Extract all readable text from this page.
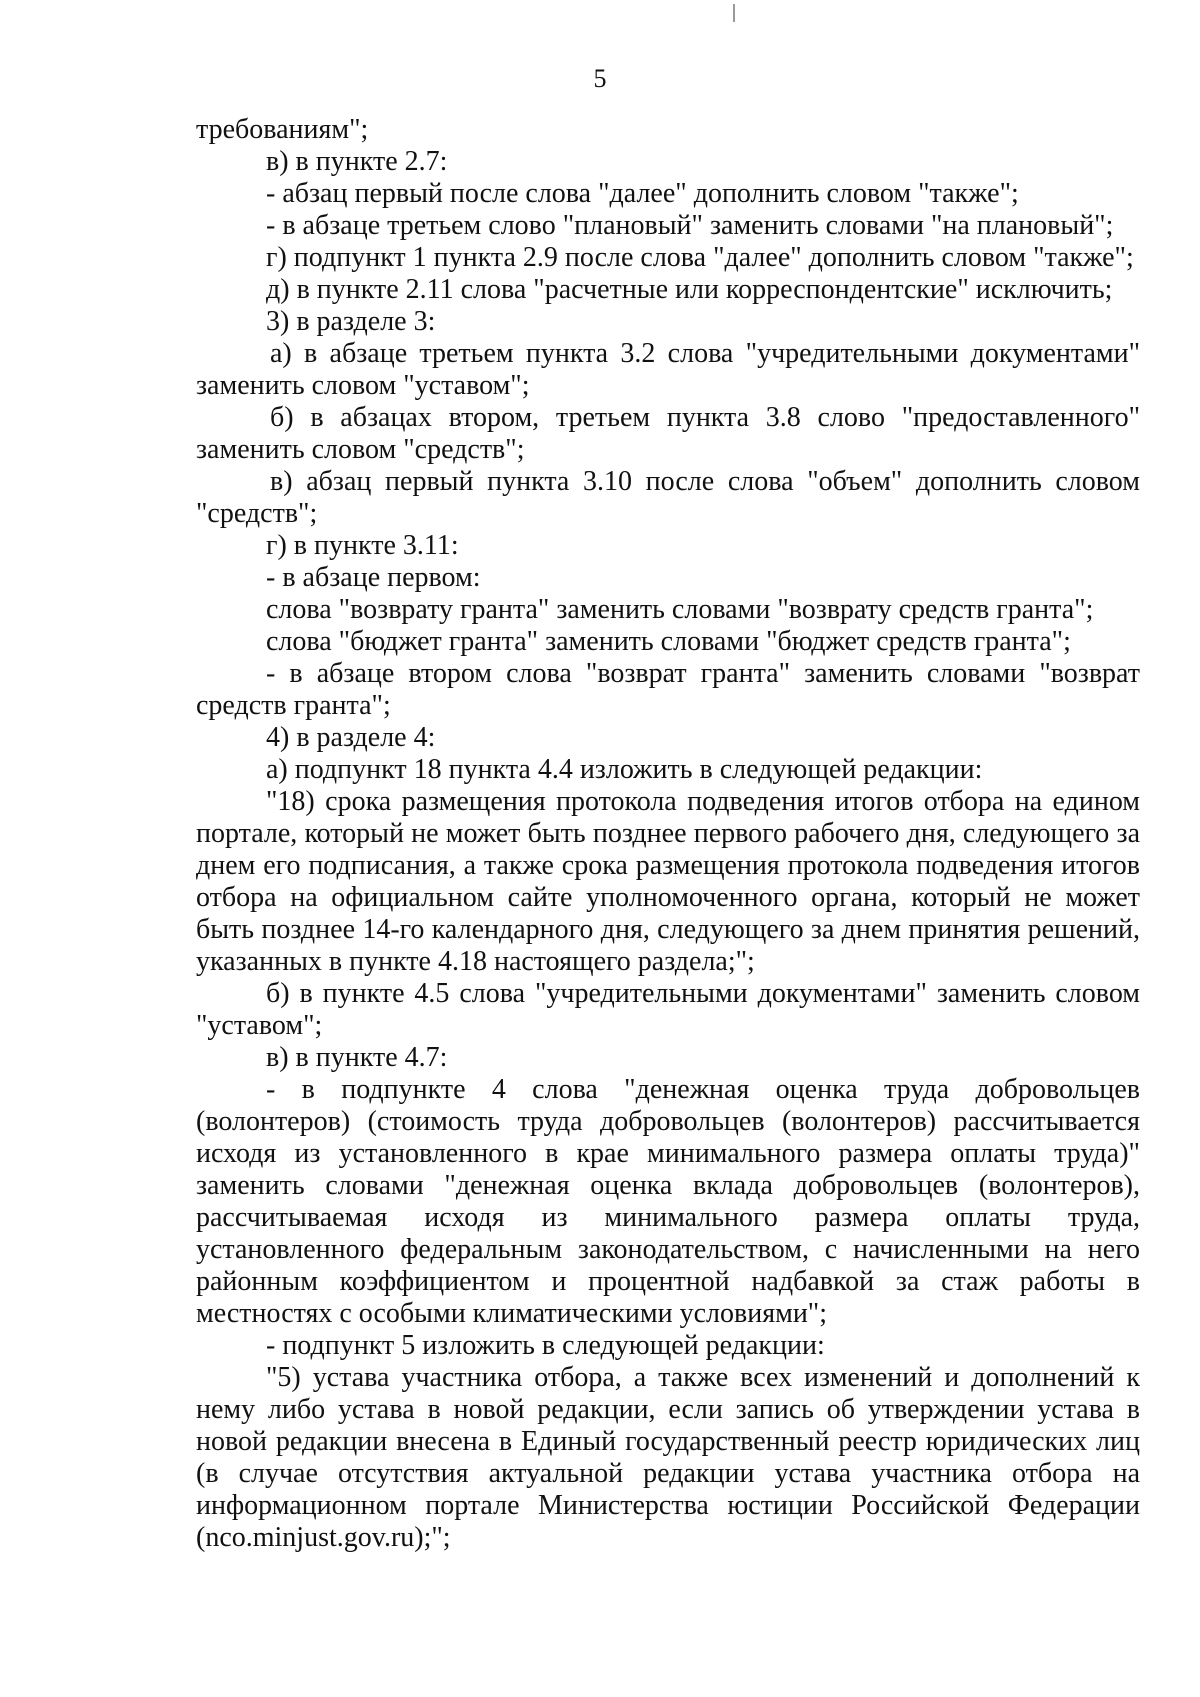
5

требованиям";

в) в пункте 2.7:

- абзац первый после слова "далее" дополнить словом "также";

- в абзаце третьем слово "плановый" заменить словами "на плановый";

г) подпункт 1 пункта 2.9 после слова "далее" дополнить словом "также";

д) в пункте 2.11 слова "расчетные или корреспондентские" исключить;

3) в разделе 3:

а) в абзаце третьем пункта 3.2 слова "учредительными документами" заменить словом "уставом";

б) в абзацах втором, третьем пункта 3.8 слово "предоставленного" заменить словом "средств";

в) абзац первый пункта 3.10 после слова "объем" дополнить словом "средств";

г) в пункте 3.11:

- в абзаце первом:

слова "возврату гранта" заменить словами "возврату средств гранта";

слова "бюджет гранта" заменить словами "бюджет средств гранта";

- в абзаце втором слова "возврат гранта" заменить словами "возврат средств гранта";

4) в разделе 4:

а) подпункт 18 пункта 4.4 изложить в следующей редакции:

"18) срока размещения протокола подведения итогов отбора на едином портале, который не может быть позднее первого рабочего дня, следующего за днем его подписания, а также срока размещения протокола подведения итогов отбора на официальном сайте уполномоченного органа, который не может быть позднее 14-го календарного дня, следующего за днем принятия решений, указанных в пункте 4.18 настоящего раздела;";

б) в пункте 4.5 слова "учредительными документами" заменить словом "уставом";

в) в пункте 4.7:

- в подпункте 4 слова "денежная оценка труда добровольцев (волонтеров) (стоимость труда добровольцев (волонтеров) рассчитывается исходя из установленного в крае минимального размера оплаты труда)" заменить словами "денежная оценка вклада добровольцев (волонтеров), рассчитываемая исходя из минимального размера оплаты труда, установленного федеральным законодательством, с начисленными на него районным коэффициентом и процентной надбавкой за стаж работы в местностях с особыми климатическими условиями";

- подпункт 5 изложить в следующей редакции:

"5) устава участника отбора, а также всех изменений и дополнений к нему либо устава в новой редакции, если запись об утверждении устава в новой редакции внесена в Единый государственный реестр юридических лиц (в случае отсутствия актуальной редакции устава участника отбора на информационном портале Министерства юстиции Российской Федерации (nco.minjust.gov.ru);";
